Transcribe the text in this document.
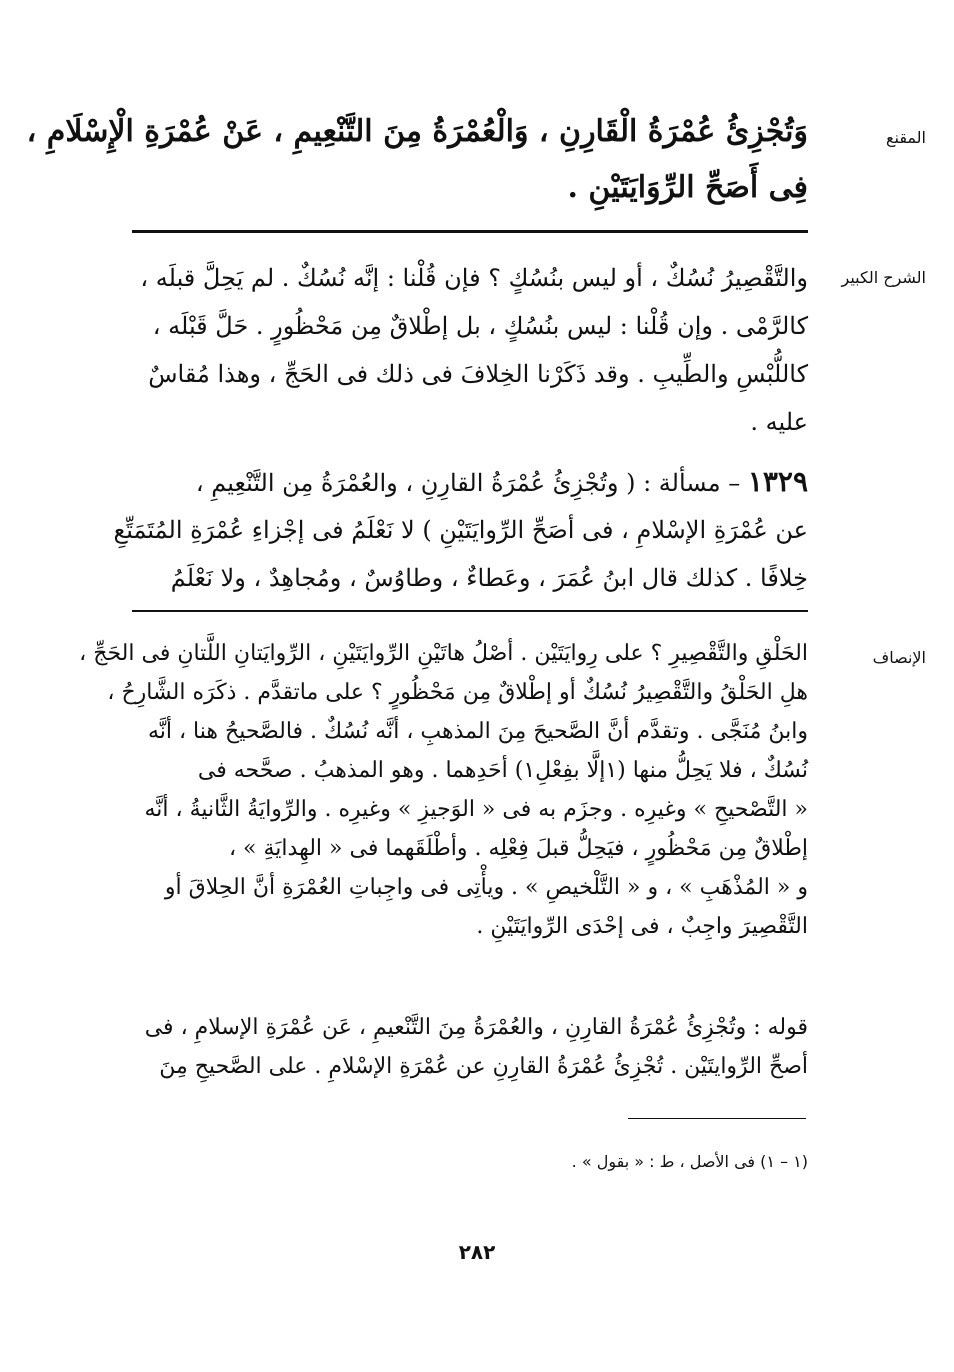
المقنع
وَتُجْزِئُ عُمْرَةُ الْقَارِنِ ، وَالْعُمْرَةُ مِنَ التَّنْعِيمِ ، عَنْ عُمْرَةِ الْإِسْلَامِ ،
فِى أَصَحِّ الرِّوَايَتَيْنِ .
الشرح الكبير
والتَّقْصِيرُ نُسُكٌ ، أو ليس بنُسُكٍ ؟ فإن قُلْنا : إنَّه نُسُكٌ . لم يَحِلَّ قبلَه ،
كالرَّمْى . وإن قُلْنا : ليس بنُسُكٍ ، بل إطْلاقٌ مِن مَحْظُورٍ . حَلَّ قَبْلَه ،
كاللُّبْسِ والطِّيبِ . وقد ذَكَرْنا الخِلافَ فى ذلك فى الحَجِّ ، وهذا مُقاسٌ
عليه .
١٣٢٩ – مسألة : ( وتُجْزِئُ عُمْرَةُ القارِنِ ، والعُمْرَةُ مِن التَّنْعِيمِ ،
عن عُمْرَةِ الإسْلامِ ، فى أصَحِّ الرِّوايَتَيْنِ ) لا نَعْلَمُ فى إجْزاءِ عُمْرَةِ المُتَمَتِّعِ
خِلافًا . كذلك قال ابنُ عُمَرَ ، وعَطاءٌ ، وطاوُسٌ ، ومُجاهِدٌ ، ولا نَعْلَمُ
الإنصاف
الحَلْقِ والتَّقْصِيرِ ؟ على رِوايَتَيْن . أصْلُ هاتَيْنِ الرِّوايَتَيْنِ ، الرِّوايَتانِ اللَّتانِ فى الحَجِّ ،
هلِ الحَلْقُ والتَّقْصِيرُ نُسُكٌ أو إطْلاقٌ مِن مَحْظُورٍ ؟ على ماتقدَّم . ذكَرَه الشَّارِحُ ،
وابنُ مُنَجَّى . وتقدَّم أنَّ الصَّحيحَ مِنَ المذهبِ ، أنَّه نُسُكٌ . فالصَّحيحُ هنا ، أنَّه
نُسُكٌ ، فلا يَحِلُّ منها (١إلَّا بفِعْلِ١) أحَدِهما . وهو المذهبُ . صحَّحه فى
« التَّصْحيحِ » وغيرِه . وجزَم به فى « الوَجيزِ » وغيرِه . والرِّوايَةُ الثَّانيةُ ، أنَّه
إطْلاقٌ مِن مَحْظُورٍ ، فيَحِلُّ قبلَ فِعْلِه . وأطْلَقَهما فى « الهِدايَةِ » ،
و « المُذْهَبِ » ، و « التَّلْخيصِ » . ويأْتِى فى واجِباتِ العُمْرَةِ أنَّ الحِلاقَ أو
التَّقْصِيرَ واجِبٌ ، فى إحْدَى الرِّوايَتَيْنِ .
قوله : وتُجْزِئُ عُمْرَةُ القارِنِ ، والعُمْرَةُ مِنَ التَّنْعيمِ ، عَن عُمْرَةِ الإسلامِ ، فى
أصحِّ الرِّوايتَيْن . تُجْزِئُ عُمْرَةُ القارِنِ عن عُمْرَةِ الإسْلامِ . على الصَّحيحِ مِنَ
(١ – ١) فى الأصل ، ط : « بقول » .
٢٨٢
